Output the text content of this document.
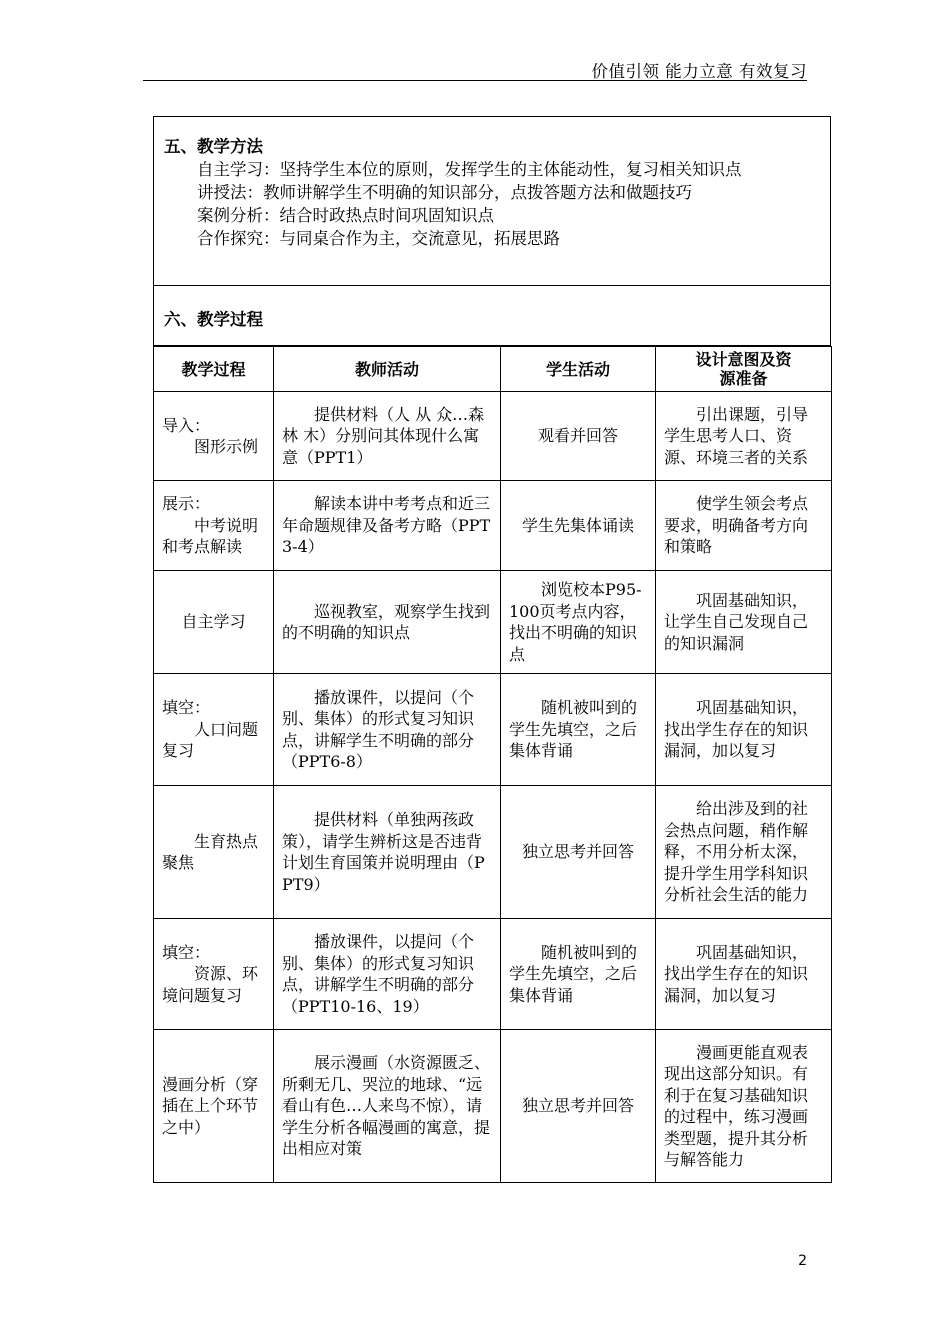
价值引领 能力立意 有效复习
五、教学方法
自主学习：坚持学生本位的原则，发挥学生的主体能动性，复习相关知识点
讲授法：教师讲解学生不明确的知识部分，点拨答题方法和做题技巧
案例分析：结合时政热点时间巩固知识点
合作探究：与同桌合作为主，交流意见，拓展思路
六、教学过程
教学过程	教师活动	学生活动	设计意图及资源准备

导入：
图形示例	提供材料（人 从 众…森 林 木）分别问其体现什么寓意（PPT1）	观看并回答	引出课题，引导学生思考人口、资源、环境三者的关系

展示：
中考说明和考点解读	解读本讲中考考点和近三年命题规律及备考方略（PPT3-4）	学生先集体诵读	使学生领会考点要求，明确备考方向和策略
自主学习	巡视教室，观察学生找到的不明确的知识点	浏览校本P95-100页考点内容，找出不明确的知识点	巩固基础知识，让学生自己发现自己的知识漏洞

填空：
人口问题复习	播放课件，以提问（个别、集体）的形式复习知识点，讲解学生不明确的部分（PPT6-8）	随机被叫到的学生先填空，之后集体背诵	巩固基础知识，找出学生存在的知识漏洞，加以复习
生育热点聚焦	提供材料（单独两孩政策），请学生辨析这是否违背计划生育国策并说明理由（PPT9）	独立思考并回答	给出涉及到的社会热点问题，稍作解释，不用分析太深，提升学生用学科知识分析社会生活的能力

填空：
资源、环境问题复习	播放课件，以提问（个别、集体）的形式复习知识点，讲解学生不明确的部分（PPT10-16、19）	随机被叫到的学生先填空，之后集体背诵	巩固基础知识，找出学生存在的知识漏洞，加以复习
漫画分析（穿插在上个环节之中）	展示漫画（水资源匮乏、所剩无几、哭泣的地球、“远看山有色…人来鸟不惊），请学生分析各幅漫画的寓意，提出相应对策	独立思考并回答	漫画更能直观表现出这部分知识。有利于在复习基础知识的过程中，练习漫画类型题，提升其分析与解答能力
2
